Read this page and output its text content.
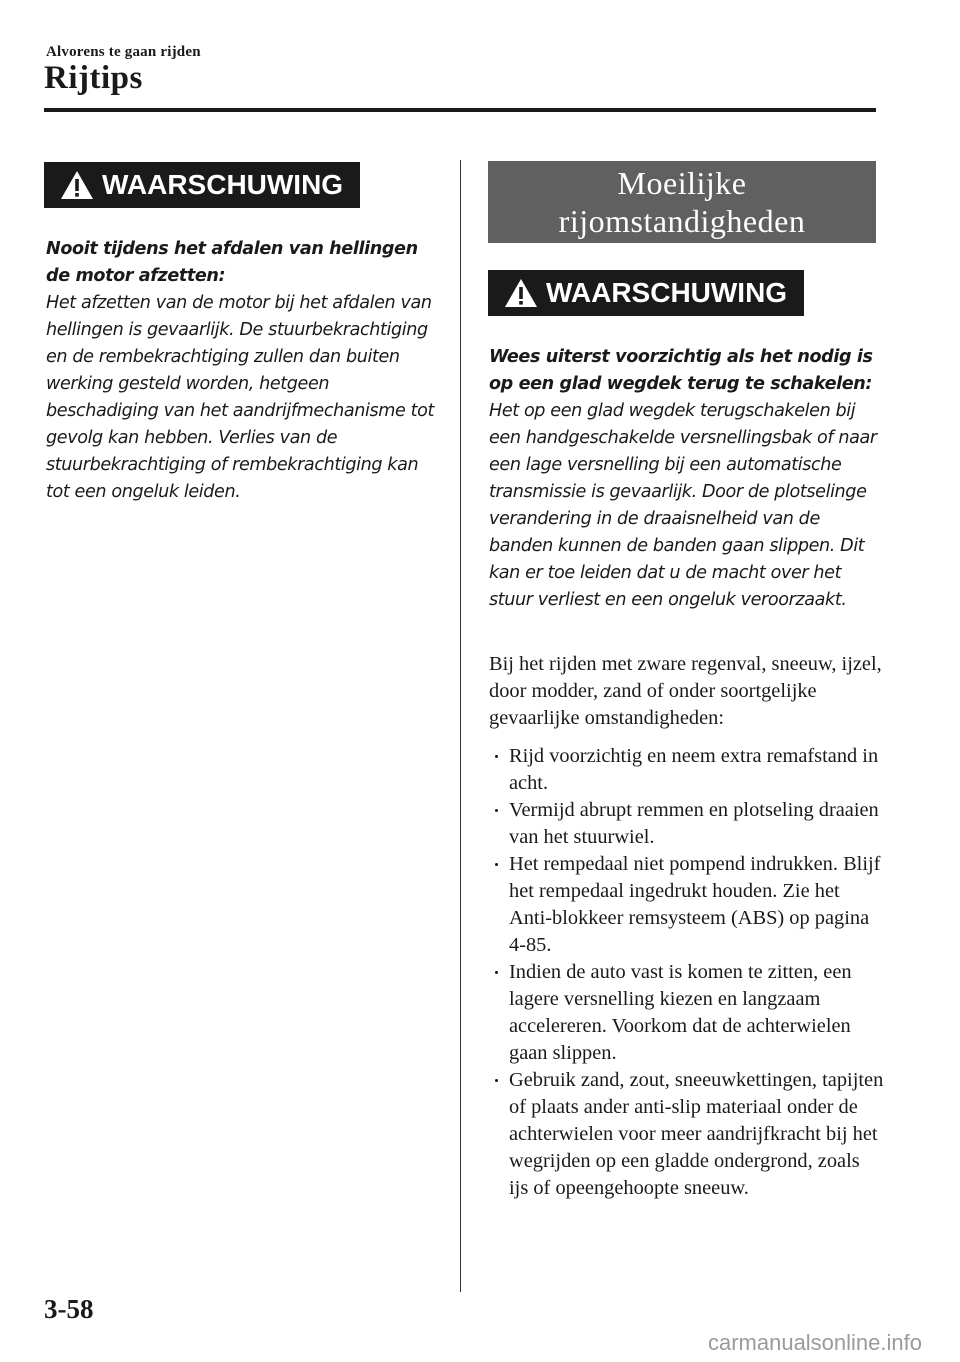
Alvorens te gaan rijden
Rijtips
WAARSCHUWING

Nooit tijdens het afdalen van hellingen de motor afzetten:
Het afzetten van de motor bij het afdalen van hellingen is gevaarlijk. De stuurbekrachtiging en de rembekrachtiging zullen dan buiten werking gesteld worden, hetgeen beschadiging van het aandrijfmechanisme tot gevolg kan hebben. Verlies van de stuurbekrachtiging of rembekrachtiging kan tot een ongeluk leiden.

Moeilijke
rijomstandigheden
WAARSCHUWING

Wees uiterst voorzichtig als het nodig is op een glad wegdek terug te schakelen:
Het op een glad wegdek terugschakelen bij een handgeschakelde versnellingsbak of naar een lage versnelling bij een automatische transmissie is gevaarlijk. Door de plotselinge verandering in de draaisnelheid van de banden kunnen de banden gaan slippen. Dit kan er toe leiden dat u de macht over het stuur verliest en een ongeluk veroorzaakt.

Bij het rijden met zware regenval, sneeuw, ijzel, door modder, zand of onder soortgelijke gevaarlijke omstandigheden:

Rijd voorzichtig en neem extra remafstand in acht.
Vermijd abrupt remmen en plotseling draaien van het stuurwiel.
Het rempedaal niet pompend indrukken. Blijf het rempedaal ingedrukt houden. Zie het Anti-blokkeer remsysteem (ABS) op pagina 4-85.
Indien de auto vast is komen te zitten, een lagere versnelling kiezen en langzaam accelereren. Voorkom dat de achterwielen gaan slippen.
Gebruik zand, zout, sneeuwkettingen, tapijten of plaats ander anti-slip materiaal onder de achterwielen voor meer aandrijfkracht bij het wegrijden op een gladde ondergrond, zoals ijs of opeengehoopte sneeuw.
3-58
carmanualsonline.info
